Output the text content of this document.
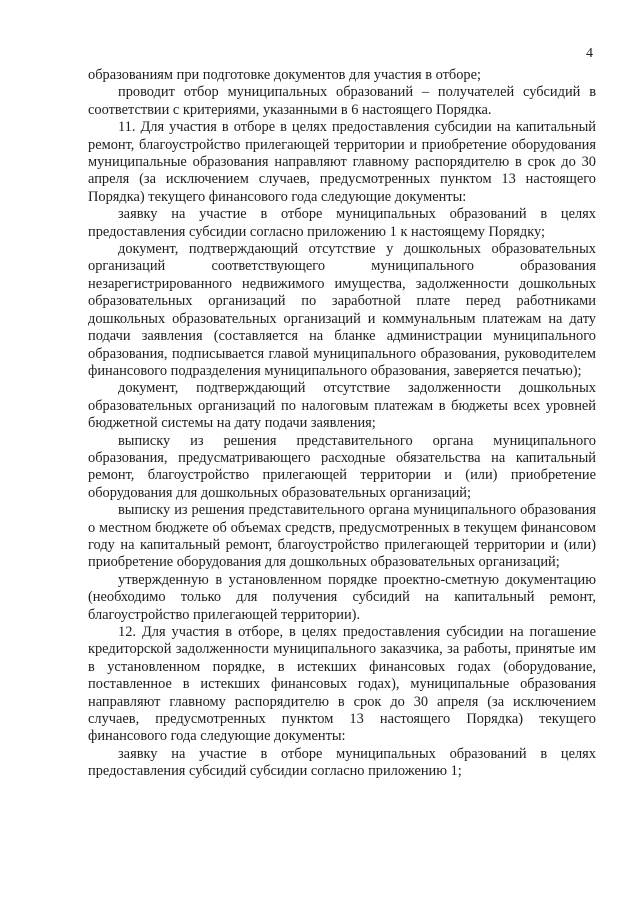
4

образованиям при подготовке документов для участия в отборе;

проводит отбор муниципальных образований – получателей субсидий в соответствии с критериями, указанными в 6 настоящего Порядка.

11. Для участия в отборе в целях предоставления субсидии на капитальный ремонт, благоустройство прилегающей территории и приобретение оборудования муниципальные образования направляют главному распорядителю в срок до 30 апреля (за исключением случаев, предусмотренных пунктом 13 настоящего Порядка) текущего финансового года следующие документы:

заявку на участие в отборе муниципальных образований в целях предоставления субсидии согласно приложению 1 к настоящему Порядку;

документ, подтверждающий отсутствие у дошкольных образовательных организаций соответствующего муниципального образования незарегистрированного недвижимого имущества, задолженности дошкольных образовательных организаций по заработной плате перед работниками дошкольных образовательных организаций и коммунальным платежам на дату подачи заявления (составляется на бланке администрации муниципального образования, подписывается главой муниципального образования, руководителем финансового подразделения муниципального образования, заверяется печатью);

документ, подтверждающий отсутствие задолженности дошкольных образовательных организаций по налоговым платежам в бюджеты всех уровней бюджетной системы на дату подачи заявления;

выписку из решения представительного органа муниципального образования, предусматривающего расходные обязательства на капитальный ремонт, благоустройство прилегающей территории и (или) приобретение оборудования для дошкольных образовательных организаций;

выписку из решения представительного органа муниципального образования о местном бюджете об объемах средств, предусмотренных в текущем финансовом году на капитальный ремонт, благоустройство прилегающей территории и (или) приобретение оборудования для дошкольных образовательных организаций;

утвержденную в установленном порядке проектно-сметную документацию (необходимо только для получения субсидий на капитальный ремонт, благоустройство прилегающей территории).

12. Для участия в отборе, в целях предоставления субсидии на погашение кредиторской задолженности муниципального заказчика, за работы, принятые им в установленном порядке, в истекших финансовых годах (оборудование, поставленное в истекших финансовых годах), муниципальные образования направляют главному распорядителю в срок до 30 апреля (за исключением случаев, предусмотренных пунктом 13 настоящего Порядка) текущего финансового года следующие документы:

заявку на участие в отборе муниципальных образований в целях предоставления субсидий субсидии согласно приложению 1;
